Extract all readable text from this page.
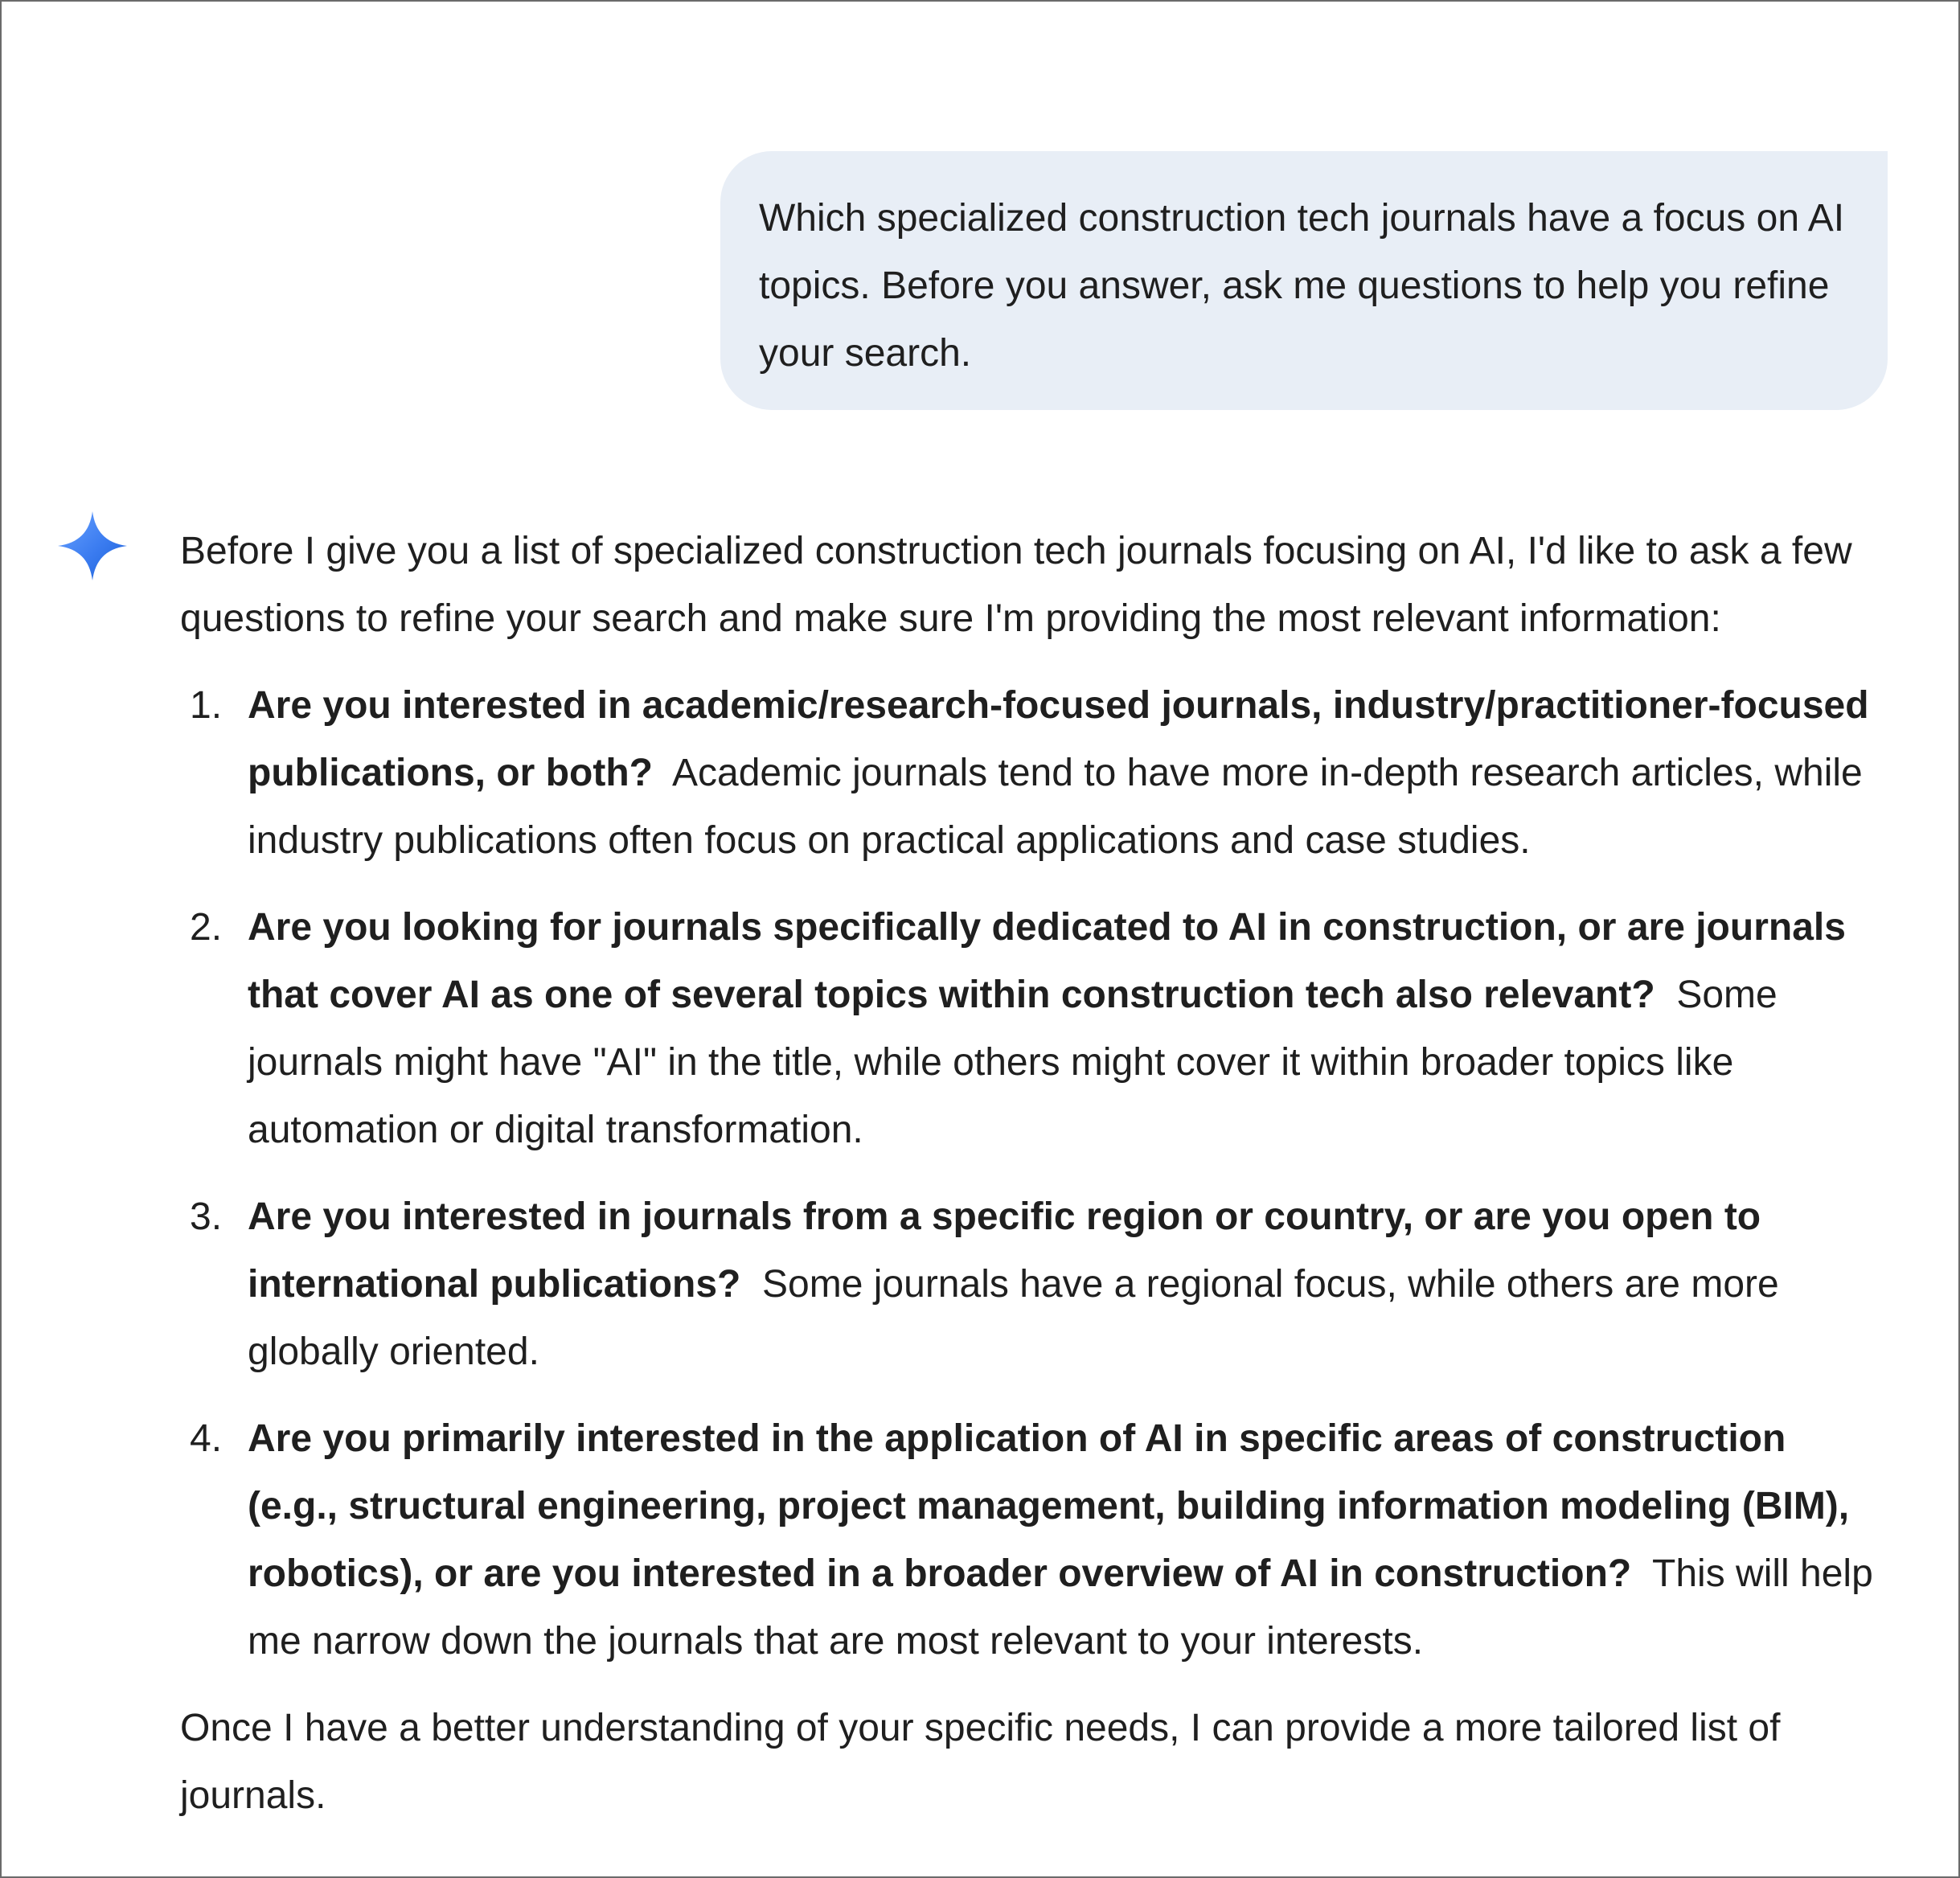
Which specialized construction tech journals have a focus on AI topics. Before you answer, ask me questions to help you refine your search.

Before I give you a list of specialized construction tech journals focusing on AI, I'd like to ask a few questions to refine your search and make sure I'm providing the most relevant information:

1. Are you interested in academic/research-focused journals, industry/practitioner-focused publications, or both? Academic journals tend to have more in-depth research articles, while industry publications often focus on practical applications and case studies.
2. Are you looking for journals specifically dedicated to AI in construction, or are journals that cover AI as one of several topics within construction tech also relevant? Some journals might have "AI" in the title, while others might cover it within broader topics like automation or digital transformation.
3. Are you interested in journals from a specific region or country, or are you open to international publications? Some journals have a regional focus, while others are more globally oriented.
4. Are you primarily interested in the application of AI in specific areas of construction (e.g., structural engineering, project management, building information modeling (BIM), robotics), or are you interested in a broader overview of AI in construction? This will help me narrow down the journals that are most relevant to your interests.

Once I have a better understanding of your specific needs, I can provide a more tailored list of journals.
